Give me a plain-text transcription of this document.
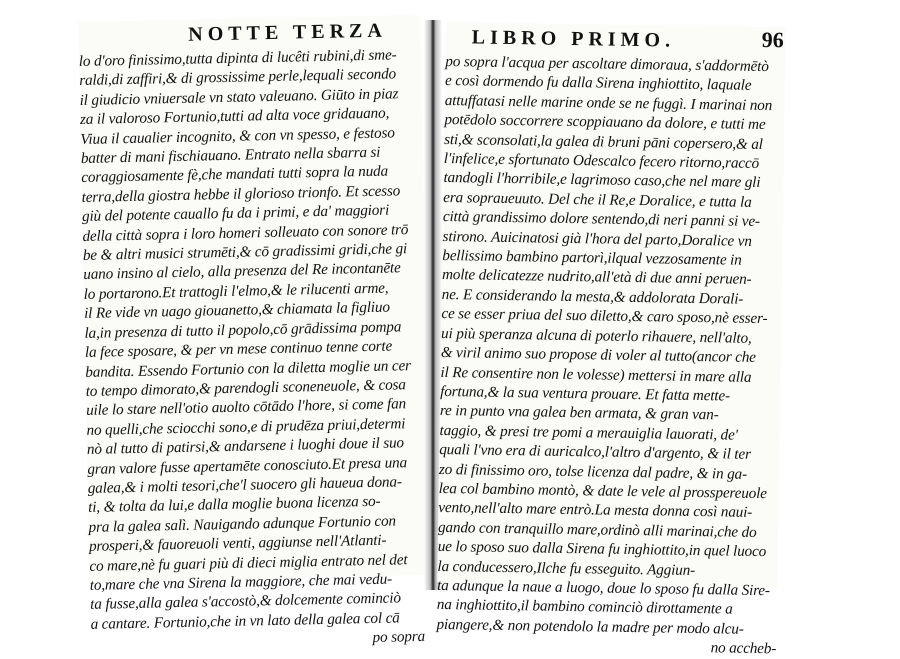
NOTTE TERZA
lo d'oro finissimo,tutta dipinta di lucêti rubini,di sme-
raldi,di zaffiri,& di grossissime perle,lequali secondo
il giudicio vniuersale vn stato valeuano. Giūto in piaz
za il valoroso Fortunio,tutti ad alta voce gridauano,
Viua il caualier incognito, & con vn spesso, e festoso
batter di mani fischiauano. Entrato nella sbarra si
coraggiosamente fè,che mandati tutti sopra la nuda
terra,della giostra hebbe il glorioso trionfo. Et scesso
giù del potente cauallo fu da i primi, e da' maggiori
della città sopra i loro homeri solleuato con sonore trō
be & altri musici strumēti,& cō gradissimi gridi,che gi
uano insino al cielo, alla presenza del Re incontanēte
lo portarono.Et trattogli l'elmo,& le rilucenti arme,
il Re vide vn uago giouanetto,& chiamata la figliuo
la,in presenza di tutto il popolo,cō grādissima pompa
la fece sposare, & per vn mese continuo tenne corte
bandita. Essendo Fortunio con la diletta moglie un cer
to tempo dimorato,& parendogli sconeneuole, & cosa
uile lo stare nell'otio auolto cōtādo l'hore, si come fan
no quelli,che sciocchi sono,e di prudēza priui,determi
nò al tutto di patirsi,& andarsene i luoghi doue il suo
gran valore fusse apertamēte conosciuto.Et presa una
galea,& i molti tesori,che'l suocero gli haueua dona-
ti, & tolta da lui,e dalla moglie buona licenza so-
pra la galea salì. Nauigando adunque Fortunio con
prosperi,& fauoreuoli venti, aggiunse nell'Atlanti-
co mare,nè fu guari più di dieci miglia entrato nel det
to,mare che vna Sirena la maggiore, che mai vedu-
ta fusse,alla galea s'accostò,& dolcemente cominciò
a cantare. Fortunio,che in vn lato della galea col cā
po sopra
LIBRO PRIMO.	96
po sopra l'acqua per ascoltare dimoraua, s'addormētò
e così dormendo fu dalla Sirena inghiottito, laquale
attuffatasi nelle marine onde se ne fuggì. I marinai non
potēdolo soccorrere scoppiauano da dolore, e tutti me
sti,& sconsolati,la galea di bruni pāni copersero,& al
l'infelice,e sfortunato Odescalco fecero ritorno,raccō
tandogli l'horribile,e lagrimoso caso,che nel mare gli
era sopraueuuto. Del che il Re,e Doralice, e tutta la
città grandissimo dolore sentendo,di neri panni si ve-
stirono. Auicinatosi già l'hora del parto,Doralice vn
bellissimo bambino partorì,ilqual vezzosamente in
molte delicatezze nudrito,all'età di due anni peruen-
ne. E considerando la mesta,& addolorata Dorali-
ce se esser priua del suo diletto,& caro sposo,nè esser-
ui più speranza alcuna di poterlo rihauere, nell'alto,
& viril animo suo propose di voler al tutto(ancor che
il Re consentire non le volesse) mettersi in mare alla
fortuna,& la sua ventura prouare. Et fatta mette-
re in punto vna galea ben armata, & gran van-
taggio, & presi tre pomi a merauiglia lauorati, de'
quali l'vno era di auricalco,l'altro d'argento, & il ter
zo di finissimo oro, tolse licenza dal padre, & in ga-
lea col bambino montò, & date le vele al prosspereuole
vento,nell'alto mare entrò.La mesta donna così naui-
gando con tranquillo mare,ordinò alli marinai,che do
ue lo sposo suo dalla Sirena fu inghiottito,in quel luoco
la conducessero,Ilche fu esseguito. Aggiun-
ta adunque la naue a luogo, doue lo sposo fu dalla Sire-
na inghiottito,il bambino cominciò dirottamente a
piangere,& non potendolo la madre per modo alcu-
no accheb-
